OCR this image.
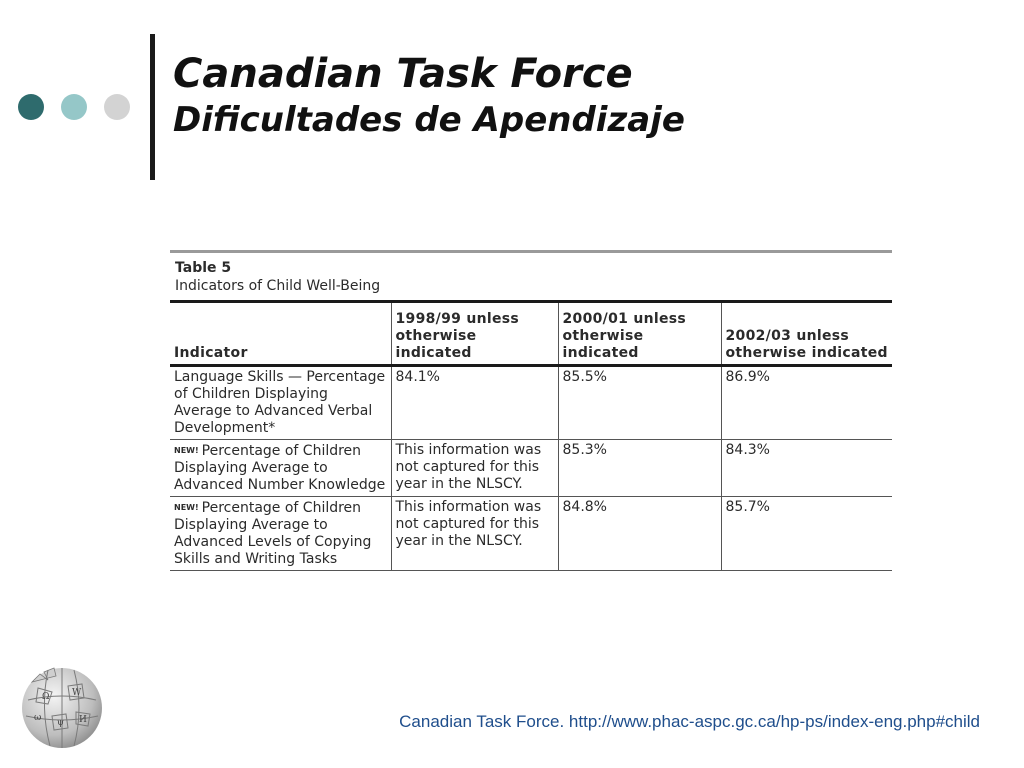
Canadian Task Force
Dificultades de Apendizaje
Table 5
Indicators of Child Well-Being
Indicator	1998/99 unless otherwise indicated	2000/01 unless otherwise indicated	2002/03 unless otherwise indicated
Language Skills — Percentage of Children Displaying Average to Advanced Verbal Development*	84.1%	85.5%	86.9%
NEW! Percentage of Children Displaying Average to Advanced Number Knowledge	This information was not captured for this year in the NLSCY.	85.3%	84.3%
NEW! Percentage of Children Displaying Average to Advanced Levels of Copying Skills and Writing Tasks	This information was not captured for this year in the NLSCY.	84.8%	85.7%
Ω	W
ψ И
ω	Canadian Task Force. http://www.phac-aspc.gc.ca/hp-ps/index-eng.php#child
